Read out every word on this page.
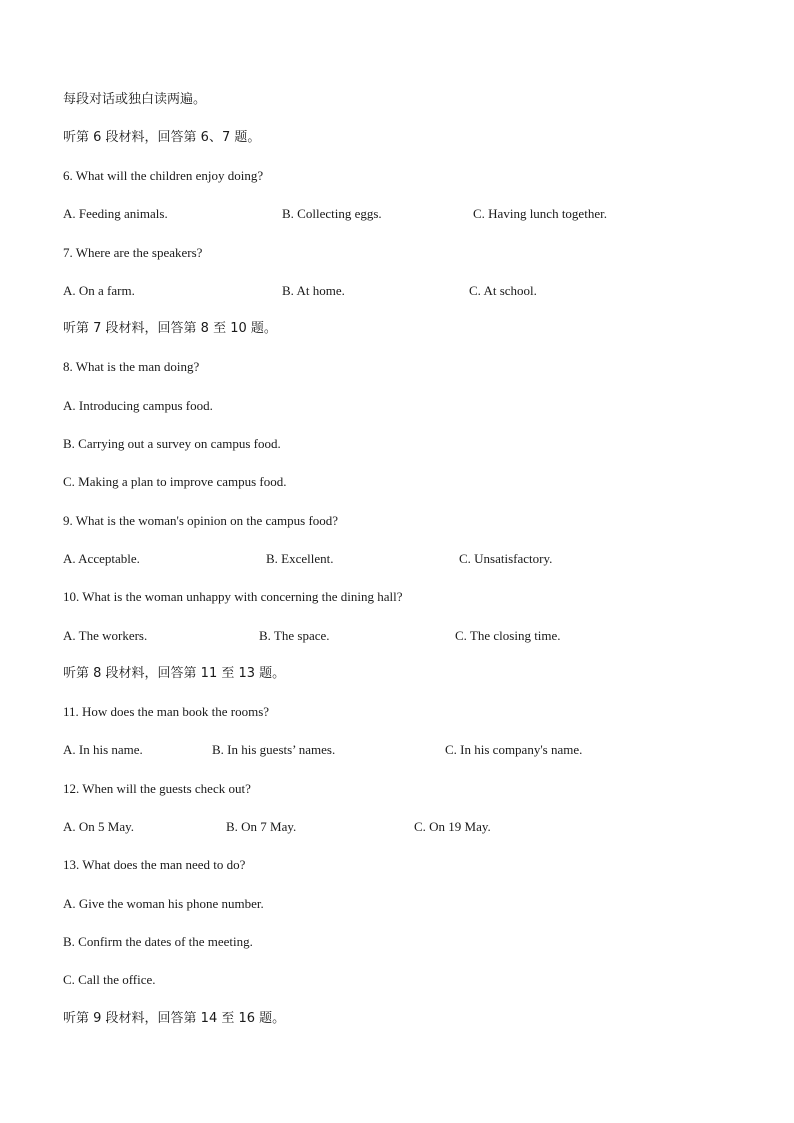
每段对话或独白读两遍。
听第 6 段材料，回答第 6、7 题。
6. What will the children enjoy doing?
A. Feeding animals.	B. Collecting eggs.	C. Having lunch together.
7. Where are the speakers?
A. On a farm.	B. At home.	C. At school.
听第 7 段材料，回答第 8 至 10 题。
8. What is the man doing?
A. Introducing campus food.
B. Carrying out a survey on campus food.
C. Making a plan to improve campus food.
9. What is the woman's opinion on the campus food?
A. Acceptable.	B. Excellent.	C. Unsatisfactory.
10. What is the woman unhappy with concerning the dining hall?
A. The workers.	B. The space.	C. The closing time.
听第 8 段材料，回答第 11 至 13 题。
11. How does the man book the rooms?
A. In his name.	B. In his guests’ names.	C. In his company's name.
12. When will the guests check out?
A. On 5 May.	B. On 7 May.	C. On 19 May.
13. What does the man need to do?
A. Give the woman his phone number.
B. Confirm the dates of the meeting.
C. Call the office.
听第 9 段材料，回答第 14 至 16 题。
